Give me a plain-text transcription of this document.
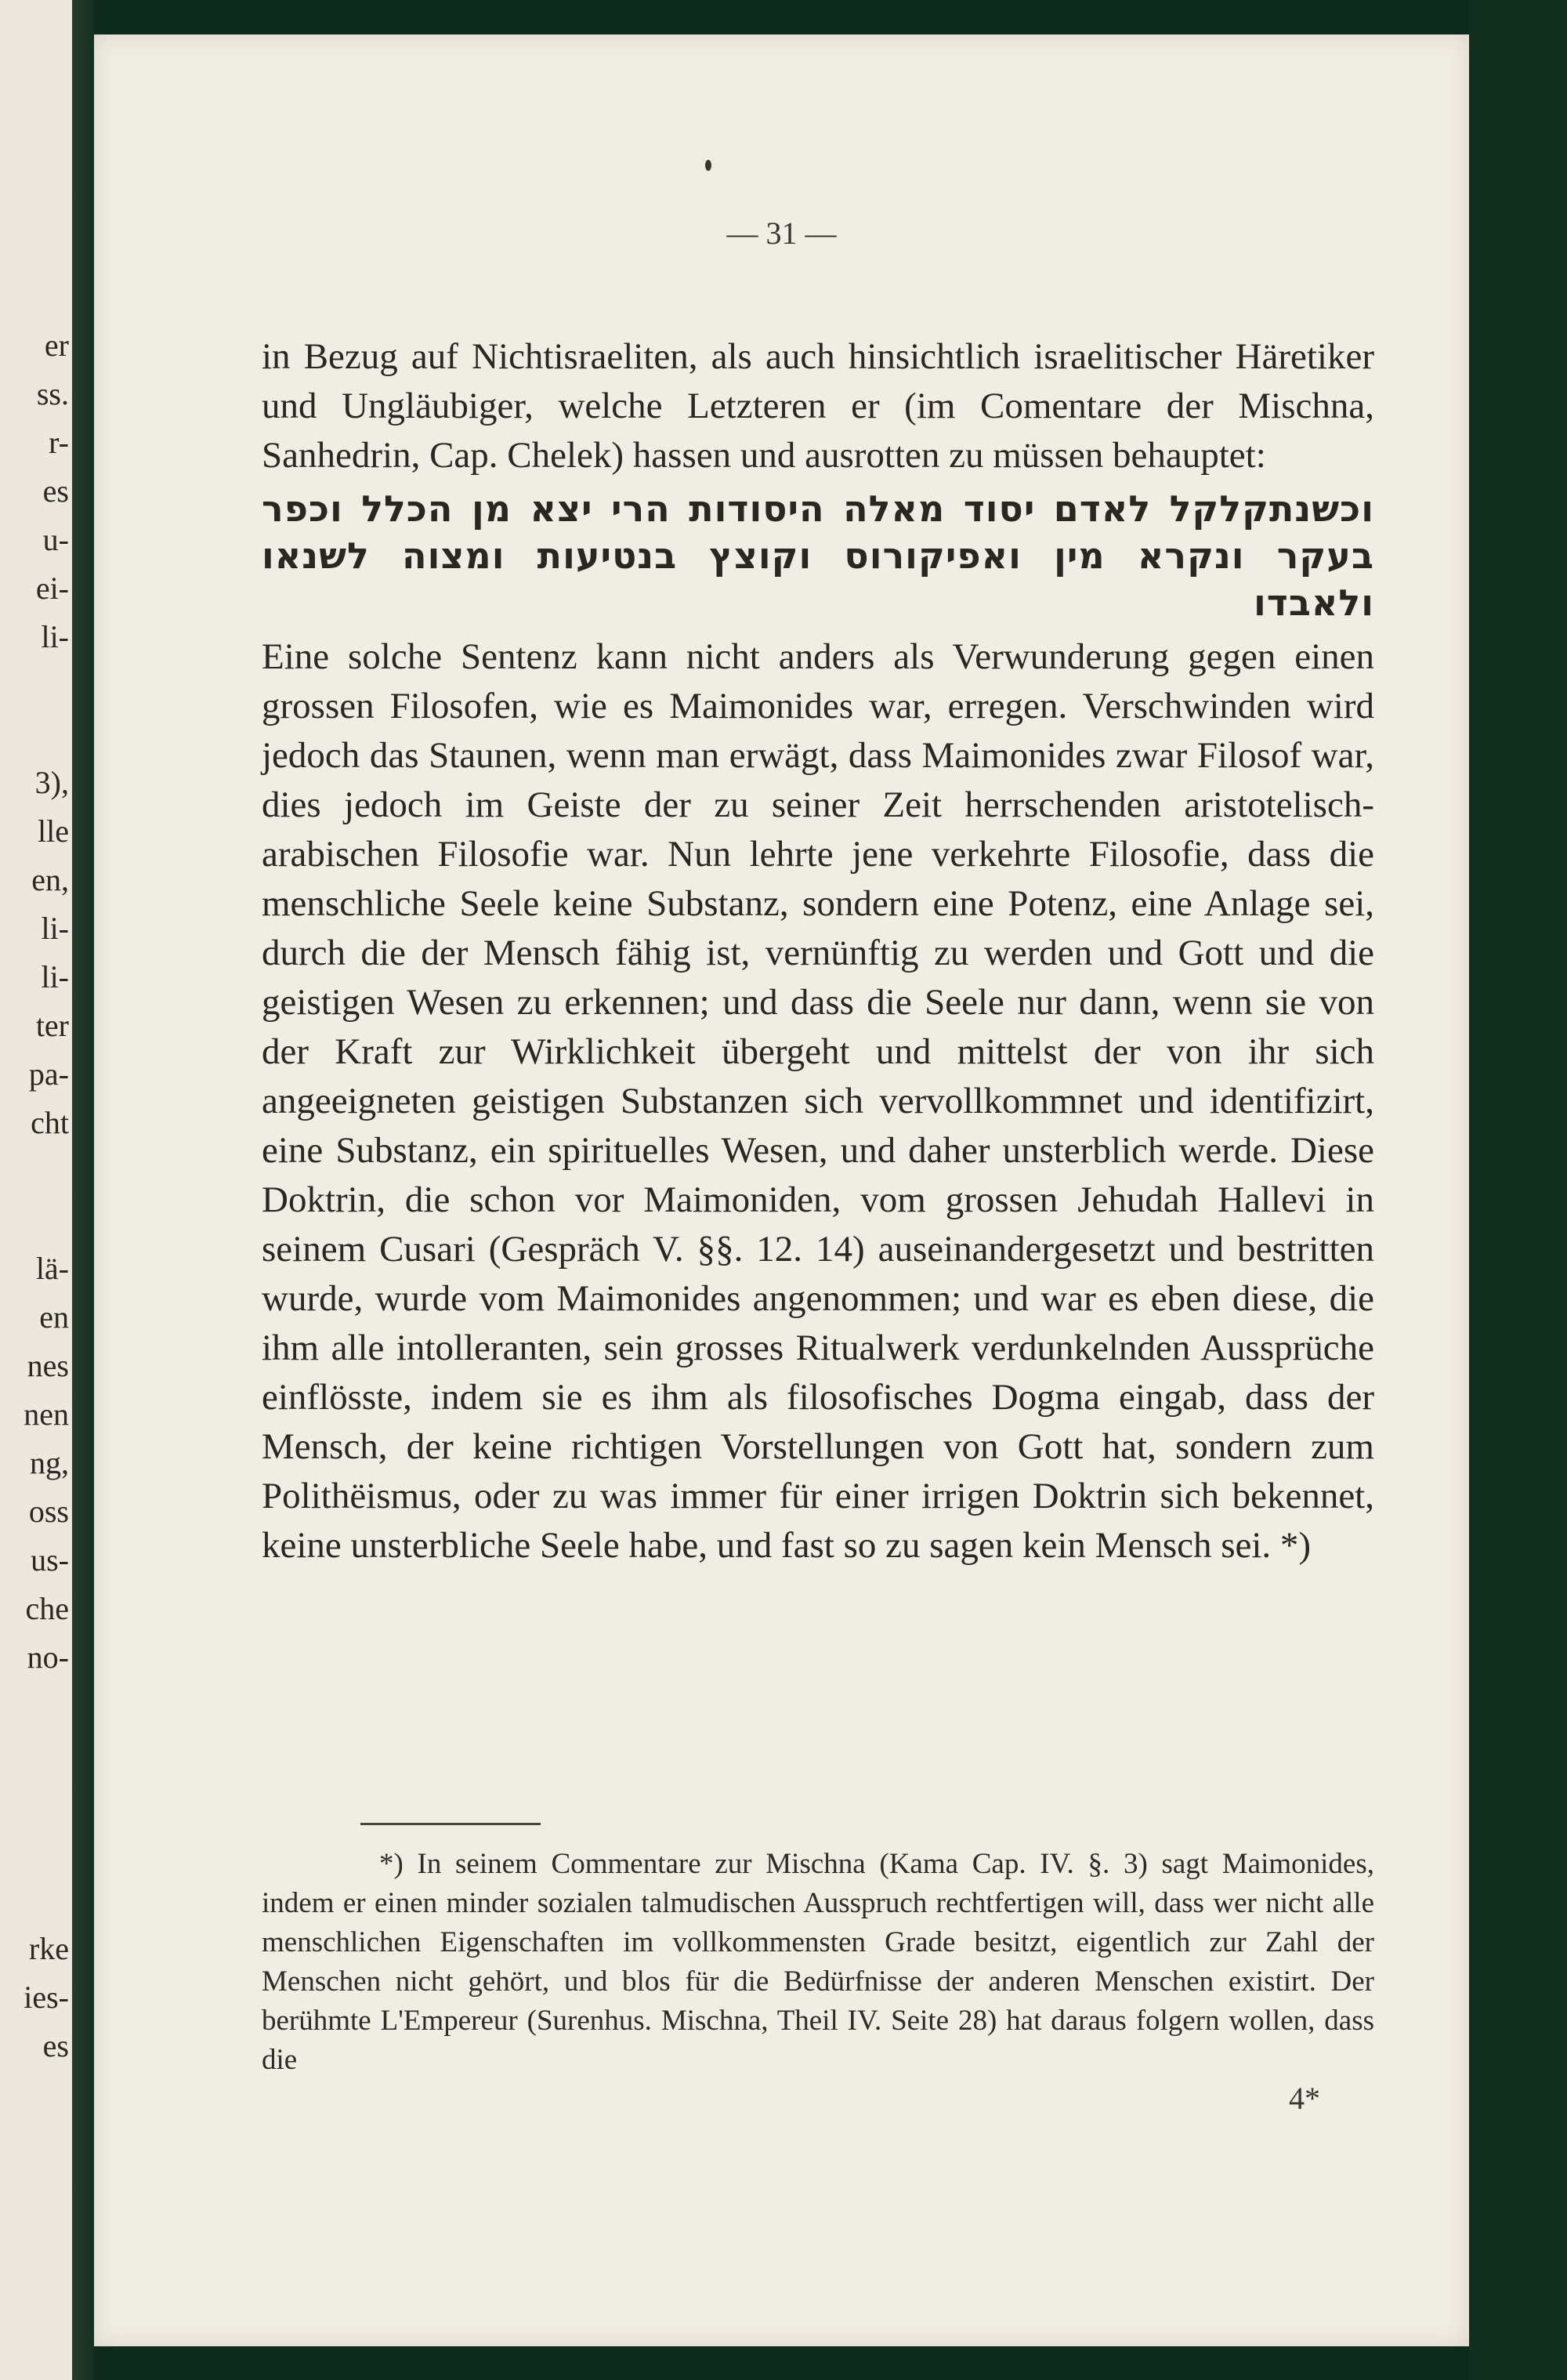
er
ss.
r-
es
u-
ei-
li-
3),
lle
en,
li-
li-
ter
pa-
cht
lä-
en
nes
nen
ng,
oss
us-
che
no-
rke
ies-
es
— 31 —

in Bezug auf Nichtisraeliten, als auch hinsichtlich israelitischer Häretiker und Ungläubiger, welche Letzteren er (im Comentare der Mischna, Sanhedrin, Cap. Chelek) hassen und ausrotten zu müssen behauptet:

וכשנתקלקל לאדם יסוד מאלה היסודות הרי יצא מן הכלל וכפר בעקר ונקרא מין ואפיקורוס וקוצץ בנטיעות ומצוה לשנאו ולאבדו

Eine solche Sentenz kann nicht anders als Verwunderung gegen einen grossen Filosofen, wie es Maimonides war, erregen. Verschwinden wird jedoch das Staunen, wenn man erwägt, dass Maimonides zwar Filosof war, dies jedoch im Geiste der zu seiner Zeit herrschenden aristotelisch-arabischen Filosofie war. Nun lehrte jene verkehrte Filosofie, dass die menschliche Seele keine Substanz, sondern eine Potenz, eine Anlage sei, durch die der Mensch fähig ist, vernünftig zu werden und Gott und die geistigen Wesen zu erkennen; und dass die Seele nur dann, wenn sie von der Kraft zur Wirklichkeit übergeht und mittelst der von ihr sich angeeigneten geistigen Substanzen sich vervollkommnet und identifizirt, eine Substanz, ein spirituelles Wesen, und daher unsterblich werde. Diese Doktrin, die schon vor Maimoniden, vom grossen Jehudah Hallevi in seinem Cusari (Gespräch V. §§. 12. 14) auseinandergesetzt und bestritten wurde, wurde vom Maimonides angenommen; und war es eben diese, die ihm alle intolleranten, sein grosses Ritualwerk verdunkelnden Aussprüche einflösste, indem sie es ihm als filosofisches Dogma eingab, dass der Mensch, der keine richtigen Vorstellungen von Gott hat, sondern zum Polithëismus, oder zu was immer für einer irrigen Doktrin sich bekennet, keine unsterbliche Seele habe, und fast so zu sagen kein Mensch sei. *)

*) In seinem Commentare zur Mischna (Kama Cap. IV. §. 3) sagt Maimonides, indem er einen minder sozialen talmudischen Ausspruch rechtfertigen will, dass wer nicht alle menschlichen Eigenschaften im vollkommensten Grade besitzt, eigentlich zur Zahl der Menschen nicht gehört, und blos für die Bedürfnisse der anderen Menschen existirt. Der berühmte L'Empereur (Surenhus. Mischna, Theil IV. Seite 28) hat daraus folgern wollen, dass die

4*
